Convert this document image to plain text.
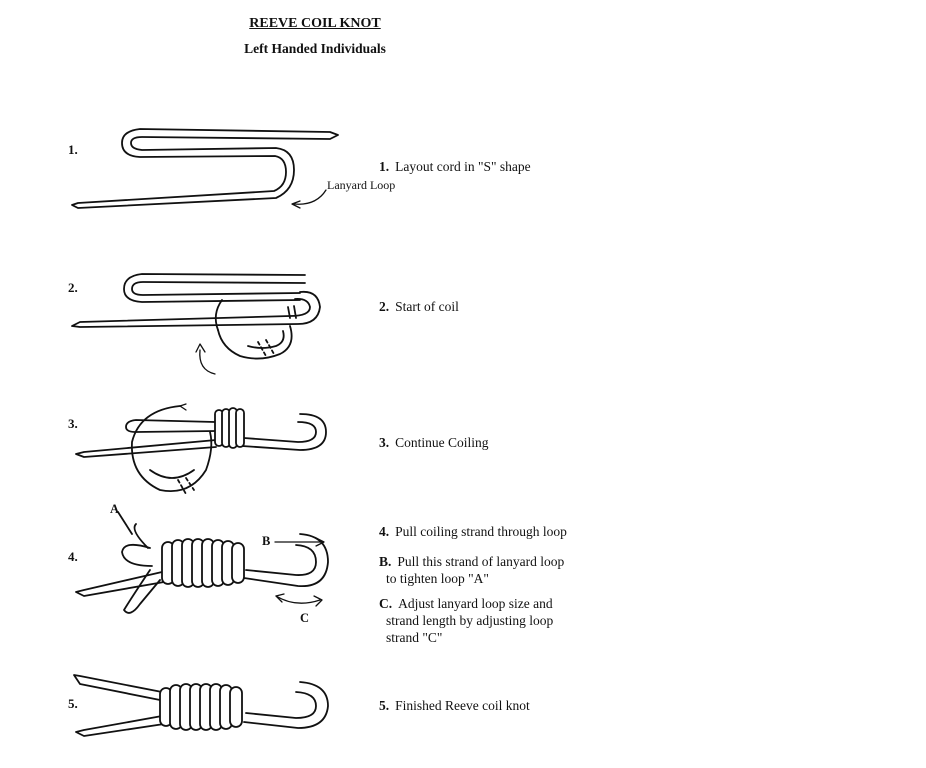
REEVE COIL KNOT
Left Handed Individuals
1.
2.
3.
4.
5.
1. Layout cord in "S" shape
2. Start of coil
3. Continue Coiling
4. Pull coiling strand through loop
B. Pull this strand of lanyard loop
to tighten loop "A"
C. Adjust lanyard loop size and
strand length by adjusting loop
strand "C"
5. Finished Reeve coil knot
Lanyard Loop
A
B
C
